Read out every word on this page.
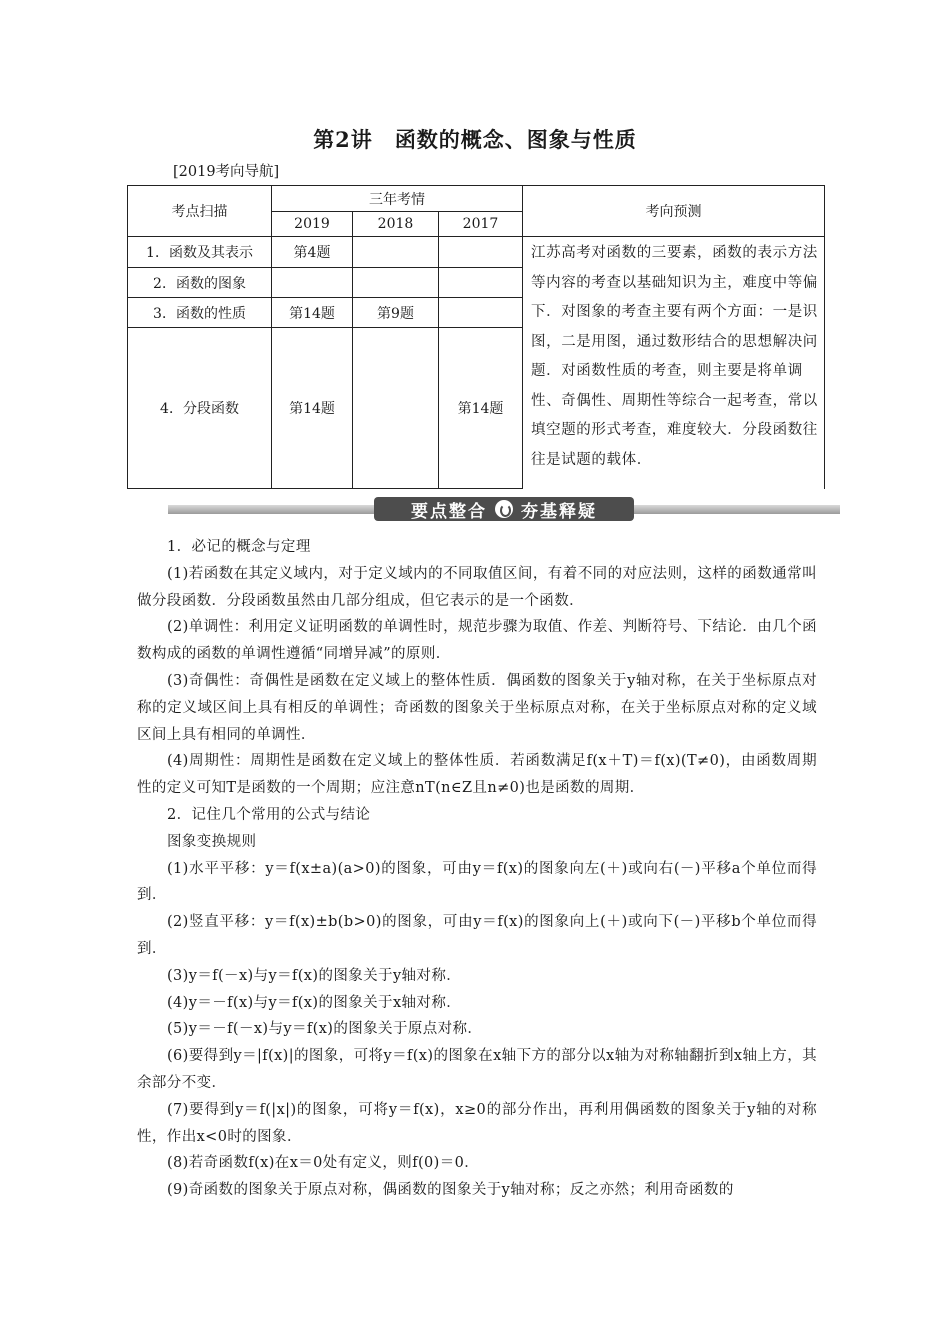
第2讲 函数的概念、图象与性质
[2019考向导航]
考点扫描	三年考情			考向预测
	2019	2018	2017	
1．函数及其表示	第4题			江苏高考对函数的三要素，函数的表示方法等内容的考查以基础知识为主，难度中等偏下．对图象的考查主要有两个方面：一是识图，二是用图，通过数形结合的思想解决问题．对函数性质的考查，则主要是将单调性、奇偶性、周期性等综合一起考查，常以填空题的形式考查，难度较大．分段函数往往是试题的载体．
2．函数的图象				
3．函数的性质	第14题	第9题		
4．分段函数	第14题		第14题	
要点整合 夯基释疑

1．必记的概念与定理

(1)若函数在其定义域内，对于定义域内的不同取值区间，有着不同的对应法则，这样的函数通常叫做分段函数．分段函数虽然由几部分组成，但它表示的是一个函数．

(2)单调性：利用定义证明函数的单调性时，规范步骤为取值、作差、判断符号、下结论．由几个函数构成的函数的单调性遵循“同增异减”的原则．

(3)奇偶性：奇偶性是函数在定义域上的整体性质．偶函数的图象关于y轴对称，在关于坐标原点对称的定义域区间上具有相反的单调性；奇函数的图象关于坐标原点对称，在关于坐标原点对称的定义域区间上具有相同的单调性．

(4)周期性：周期性是函数在定义域上的整体性质．若函数满足f(x＋T)＝f(x)(T≠0)，由函数周期性的定义可知T是函数的一个周期；应注意nT(n∈Z且n≠0)也是函数的周期．

2．记住几个常用的公式与结论

图象变换规则

(1)水平平移：y＝f(x±a)(a>0)的图象，可由y＝f(x)的图象向左(＋)或向右(－)平移a个单位而得到．

(2)竖直平移：y＝f(x)±b(b>0)的图象，可由y＝f(x)的图象向上(＋)或向下(－)平移b个单位而得到．

(3)y＝f(－x)与y＝f(x)的图象关于y轴对称．

(4)y＝－f(x)与y＝f(x)的图象关于x轴对称．

(5)y＝－f(－x)与y＝f(x)的图象关于原点对称．

(6)要得到y＝|f(x)|的图象，可将y＝f(x)的图象在x轴下方的部分以x轴为对称轴翻折到x轴上方，其余部分不变．

(7)要得到y＝f(|x|)的图象，可将y＝f(x)，x≥0的部分作出，再利用偶函数的图象关于y轴的对称性，作出x<0时的图象．

(8)若奇函数f(x)在x＝0处有定义，则f(0)＝0．

(9)奇函数的图象关于原点对称，偶函数的图象关于y轴对称；反之亦然；利用奇函数的
